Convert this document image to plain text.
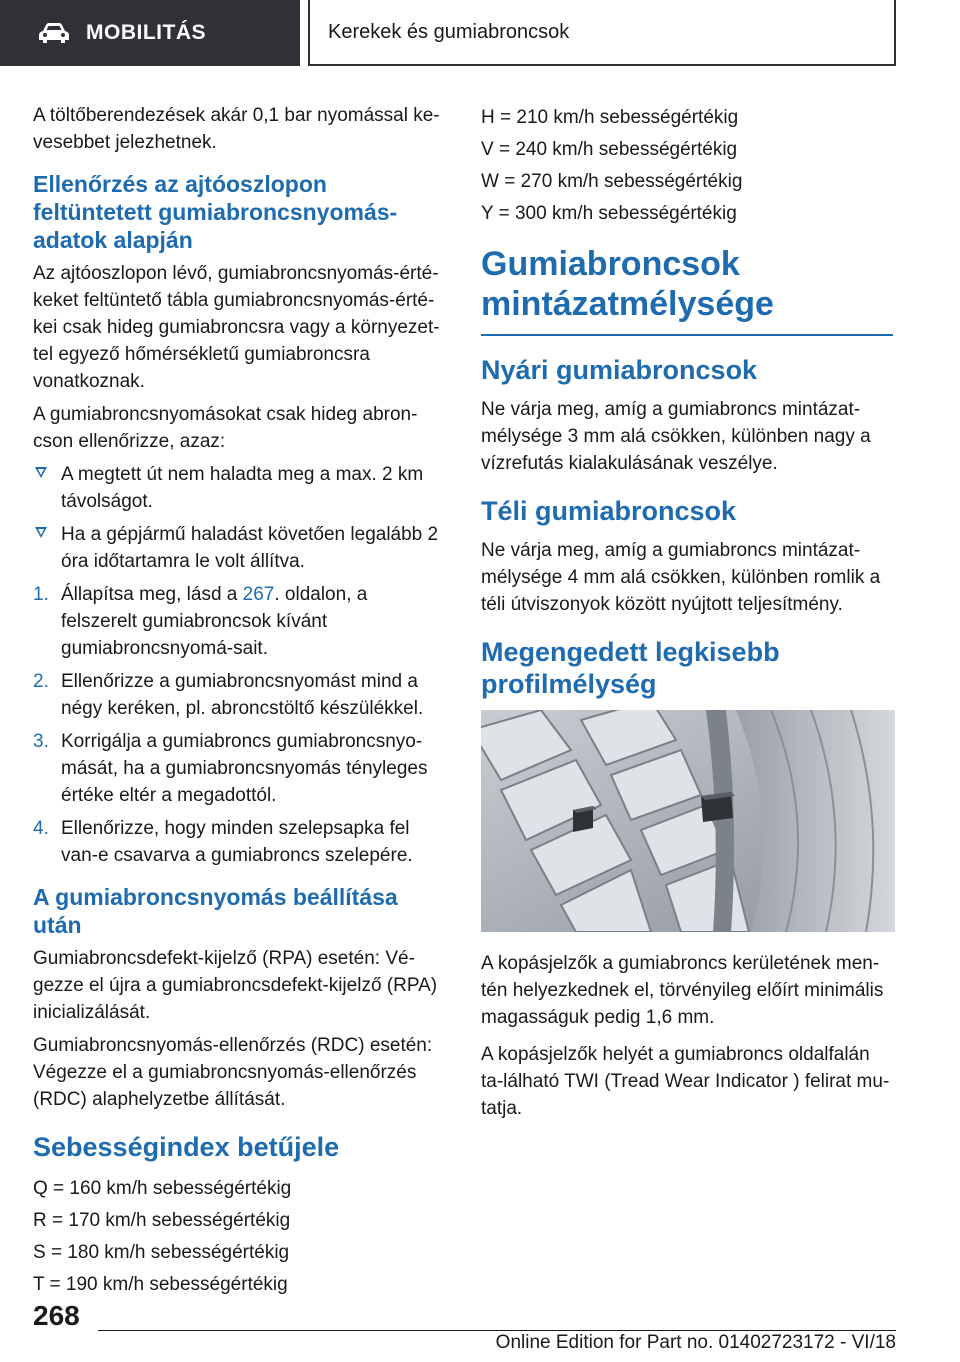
MOBILITÁS	Kerekek és gumiabroncsok

A töltőberendezések akár 0,1 bar nyomással ke-vesebbet jelezhetnek.

Ellenőrzés az ajtóoszlopon feltüntetett gumiabroncsnyomás-adatok alapján

Az ajtóoszlopon lévő, gumiabroncsnyomás-érté-keket feltüntető tábla gumiabroncsnyomás-érté-kei csak hideg gumiabroncsra vagy a környezet-tel egyező hőmérsékletű gumiabroncsra vonatkoznak.

A gumiabroncsnyomásokat csak hideg abron-cson ellenőrizze, azaz:

A megtett út nem haladta meg a max. 2 km távolságot.
Ha a gépjármű haladást követően legalább 2 óra időtartamra le volt állítva.
1. Állapítsa meg, lásd a 267. oldalon, a felszerelt gumiabroncsok kívánt gumiabroncsnyomá-sait.
2. Ellenőrizze a gumiabroncsnyomást mind a négy keréken, pl. abroncstöltő készülékkel.
3. Korrigálja a gumiabroncs gumiabroncsnyo-mását, ha a gumiabroncsnyomás tényleges értéke eltér a megadottól.
4. Ellenőrizze, hogy minden szelepsapka fel van-e csavarva a gumiabroncs szelepére.
A gumiabroncsnyomás beállítása után

Gumiabroncsdefekt-kijelző (RPA) esetén: Vé-gezze el újra a gumiabroncsdefekt-kijelző (RPA) inicializálását.

Gumiabroncsnyomás-ellenőrzés (RDC) esetén: Végezze el a gumiabroncsnyomás-ellenőrzés (RDC) alaphelyzetbe állítását.

Sebességindex betűjele
Q = 160 km/h sebességértékig
R = 170 km/h sebességértékig
S = 180 km/h sebességértékig
T = 190 km/h sebességértékig
H = 210 km/h sebességértékig
V = 240 km/h sebességértékig
W = 270 km/h sebességértékig
Y = 300 km/h sebességértékig
Gumiabroncsok mintázatmélysége
Nyári gumiabroncsok

Ne várja meg, amíg a gumiabroncs mintázat-mélysége 3 mm alá csökken, különben nagy a vízrefutás kialakulásának veszélye.

Téli gumiabroncsok

Ne várja meg, amíg a gumiabroncs mintázat-mélysége 4 mm alá csökken, különben romlik a téli útviszonyok között nyújtott teljesítmény.

Megengedett legkisebb profilmélység

A kopásjelzők a gumiabroncs kerületének men-tén helyezkednek el, törvényileg előírt minimális magasságuk pedig 1,6 mm.

A kopásjelzők helyét a gumiabroncs oldalfalán ta-lálható TWI (Tread Wear Indicator ) felirat mu-tatja.

268
Online Edition for Part no. 01402723172 - VI/18
